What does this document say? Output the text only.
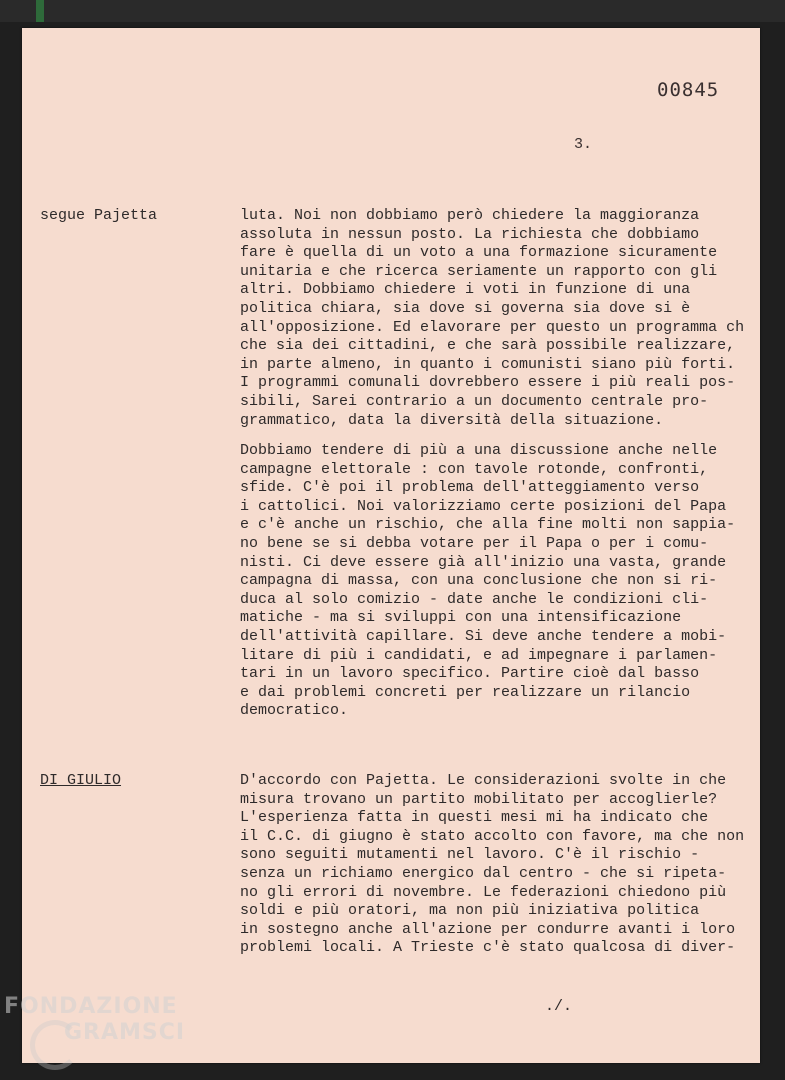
00845
3.
segue Pajetta	luta. Noi non dobbiamo però chiedere la maggioranza
assoluta in nessun posto. La richiesta che dobbiamo
fare è quella di un voto a una formazione sicuramente
unitaria e che ricerca seriamente un rapporto con gli
altri. Dobbiamo chiedere i voti in funzione di una
politica chiara, sia dove si governa sia dove si è
all'opposizione. Ed elavorare per questo un programma ch
che sia dei cittadini, e che sarà possibile realizzare,
in parte almeno, in quanto i comunisti siano più forti.
I programmi comunali dovrebbero essere i più reali pos-
sibili, Sarei contrario a un documento centrale pro-
grammatico, data la diversità della situazione.

Dobbiamo tendere di più a una discussione anche nelle
campagne elettorale : con tavole rotonde, confronti,
sfide. C'è poi il problema dell'atteggiamento verso
i cattolici. Noi valorizziamo certe posizioni del Papa
e c'è anche un rischio, che alla fine molti non sappia-
no bene se si debba votare per il Papa o per i comu-
nisti. Ci deve essere già all'inizio una vasta, grande
campagna di massa, con una conclusione che non si ri-
duca al solo comizio - date anche le condizioni cli-
matiche - ma si sviluppi con una intensificazione
dell'attività capillare. Si deve anche tendere a mobi-
litare di più i candidati, e ad impegnare i parlamen-
tari in un lavoro specifico. Partire cioè dal basso
e dai problemi concreti per realizzare un rilancio
democratico.

DI GIULIO	D'accordo con Pajetta. Le considerazioni svolte in che
misura trovano un partito mobilitato per accoglierle?
L'esperienza fatta in questi mesi mi ha indicato che
il C.C. di giugno è stato accolto con favore, ma che non
sono seguiti mutamenti nel lavoro. C'è il rischio -
senza un richiamo energico dal centro - che si ripeta-
no gli errori di novembre. Le federazioni chiedono più
soldi e più oratori, ma non più iniziativa politica
in sostegno anche all'azione per condurre avanti i loro
problemi locali. A Trieste c'è stato qualcosa di diver-

./.
FONDAZIONE
GRAMSCI
